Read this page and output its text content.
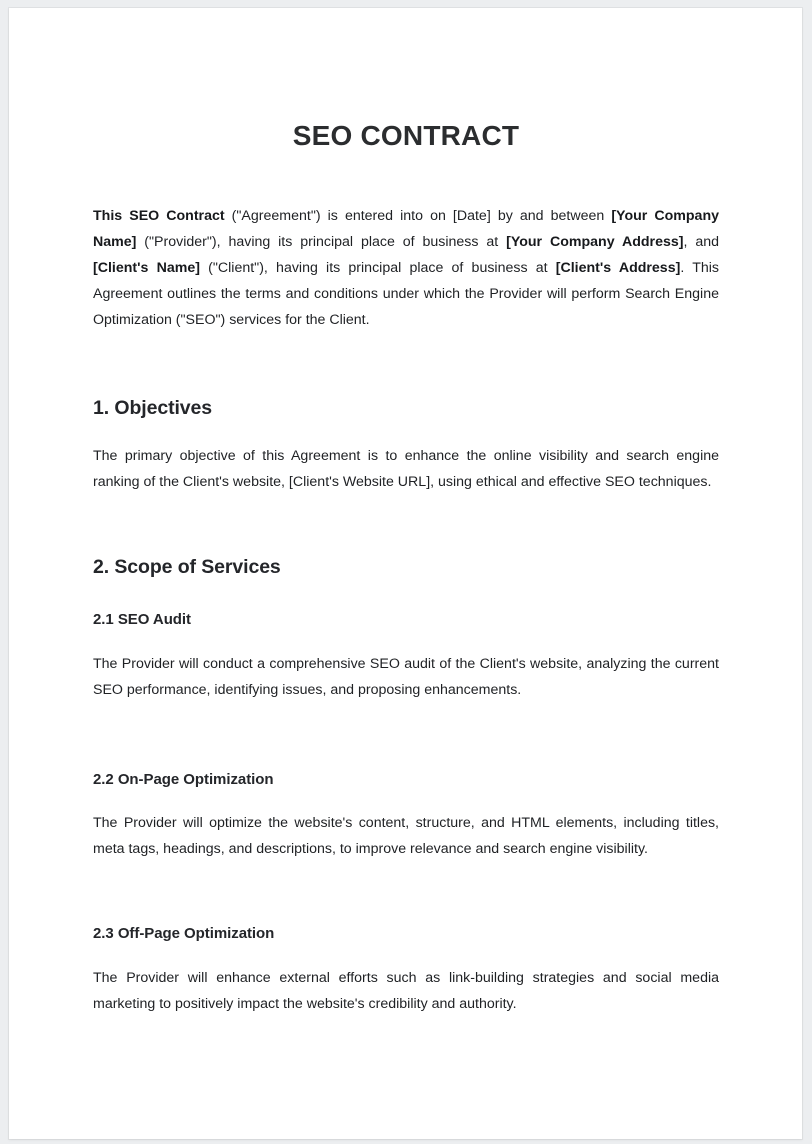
SEO CONTRACT

This SEO Contract ("Agreement") is entered into on [Date] by and between [Your Company Name] ("Provider"), having its principal place of business at [Your Company Address], and [Client's Name] ("Client"), having its principal place of business at [Client's Address]. This Agreement outlines the terms and conditions under which the Provider will perform Search Engine Optimization ("SEO") services for the Client.

1. Objectives

The primary objective of this Agreement is to enhance the online visibility and search engine ranking of the Client's website, [Client's Website URL], using ethical and effective SEO techniques.

2. Scope of Services
2.1 SEO Audit

The Provider will conduct a comprehensive SEO audit of the Client's website, analyzing the current SEO performance, identifying issues, and proposing enhancements.

2.2 On-Page Optimization

The Provider will optimize the website's content, structure, and HTML elements, including titles, meta tags, headings, and descriptions, to improve relevance and search engine visibility.

2.3 Off-Page Optimization

The Provider will enhance external efforts such as link-building strategies and social media marketing to positively impact the website's credibility and authority.
